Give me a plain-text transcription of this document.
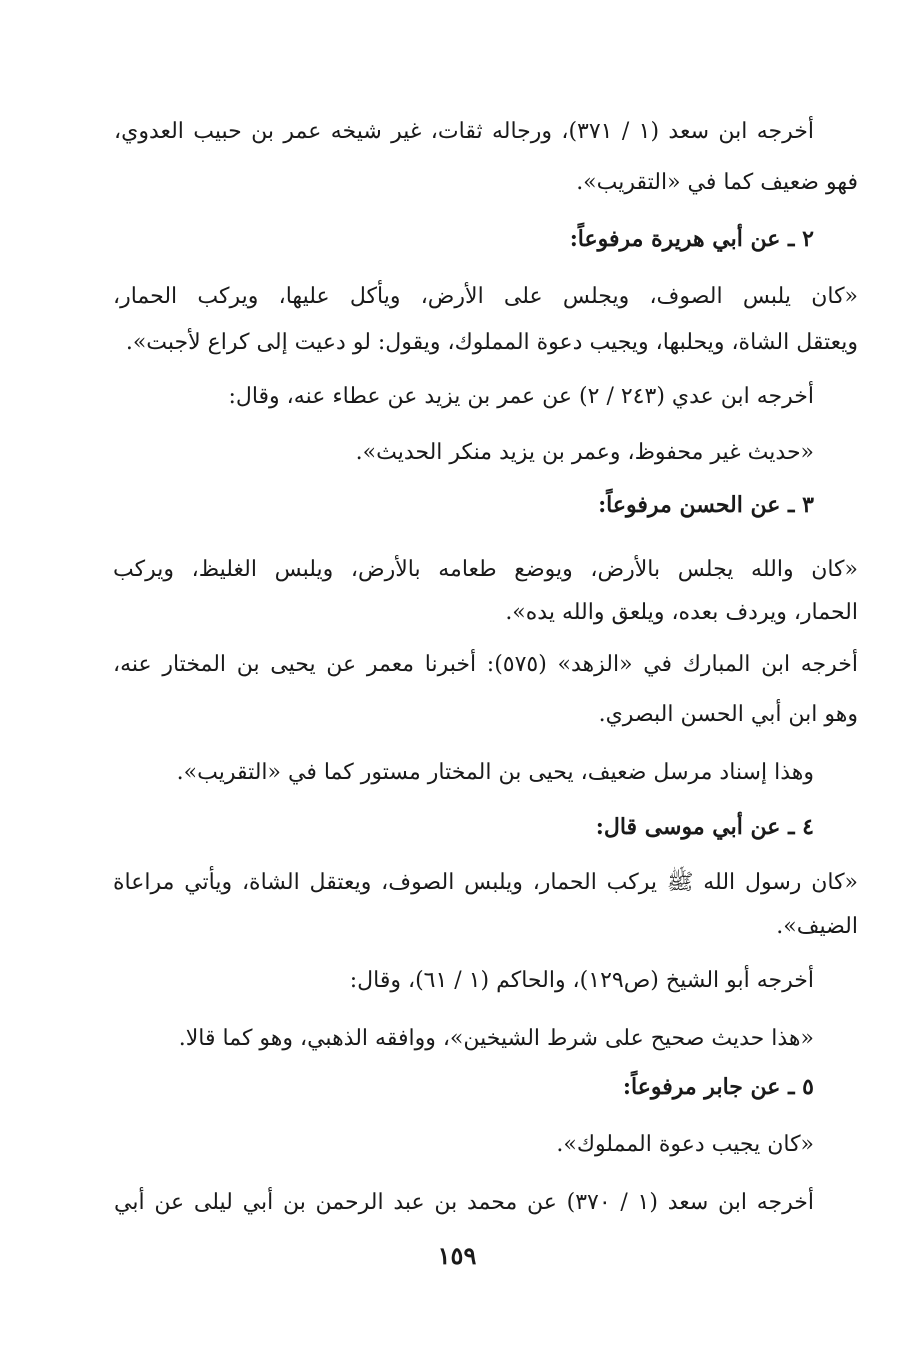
أخرجه ابن سعد (١ / ٣٧١)، ورجاله ثقات، غير شيخه عمر بن حبيب العدوي،
فهو ضعيف كما في «التقريب».
٢ ـ عن أبي هريرة مرفوعاً:
«كان يلبس الصوف، ويجلس على الأرض، ويأكل عليها، ويركب الحمار،
ويعتقل الشاة، ويحلبها، ويجيب دعوة المملوك، ويقول: لو دعيت إلى كراع لأجبت».
أخرجه ابن عدي (٢٤٣ / ٢) عن عمر بن يزيد عن عطاء عنه، وقال:
«حديث غير محفوظ، وعمر بن يزيد منكر الحديث».
٣ ـ عن الحسن مرفوعاً:
«كان والله يجلس بالأرض، ويوضع طعامه بالأرض، ويلبس الغليظ، ويركب
الحمار، ويردف بعده، ويلعق والله يده».
أخرجه ابن المبارك في «الزهد» (٥٧٥): أخبرنا معمر عن يحيى بن المختار عنه،
وهو ابن أبي الحسن البصري.
وهذا إسناد مرسل ضعيف، يحيى بن المختار مستور كما في «التقريب».
٤ ـ عن أبي موسى قال:
«كان رسول الله ﷺ يركب الحمار، ويلبس الصوف، ويعتقل الشاة، ويأتي مراعاة
الضيف».
أخرجه أبو الشيخ (ص١٢٩)، والحاكم (١ / ٦١)، وقال:
«هذا حديث صحيح على شرط الشيخين»، ووافقه الذهبي، وهو كما قالا.
٥ ـ عن جابر مرفوعاً:
«كان يجيب دعوة المملوك».
أخرجه ابن سعد (١ / ٣٧٠) عن محمد بن عبد الرحمن بن أبي ليلى عن أبي
١٥٩
